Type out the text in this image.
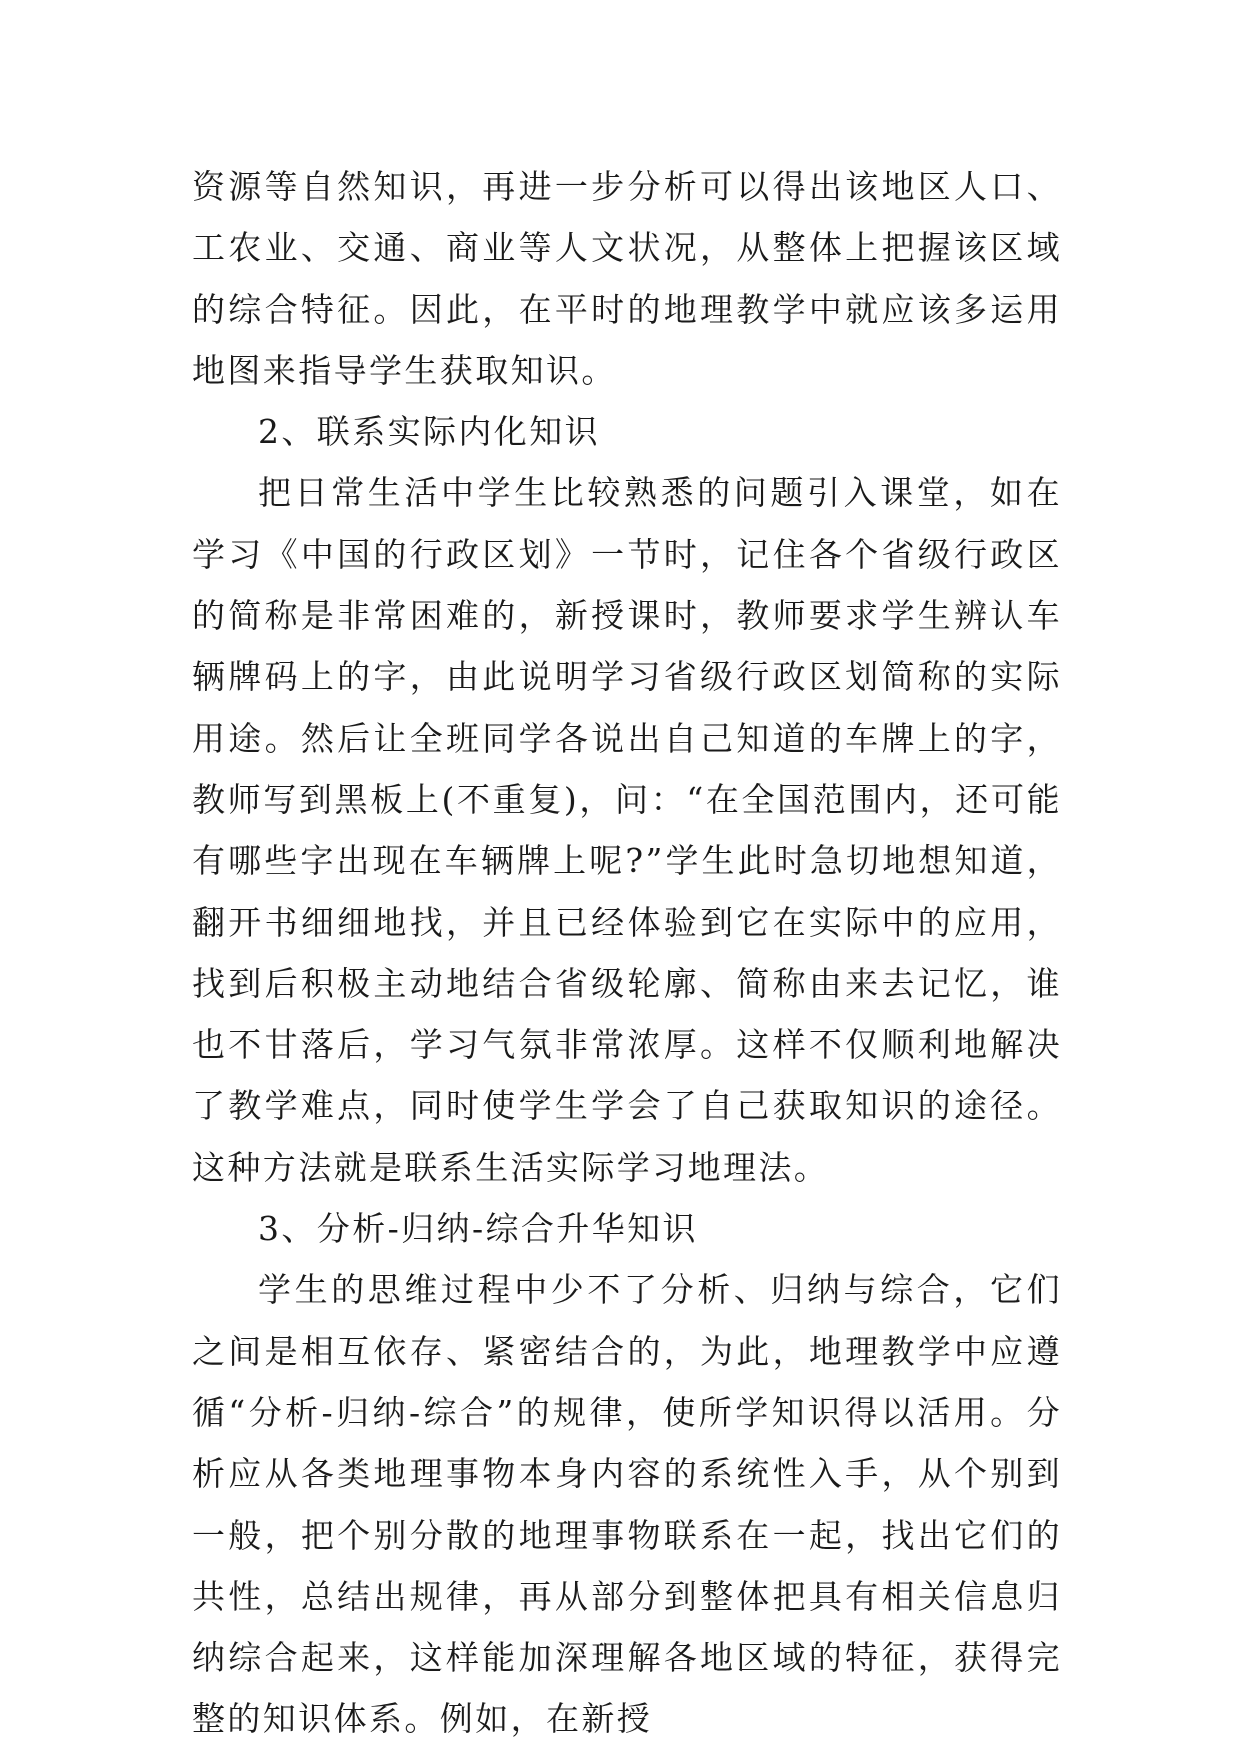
资源等自然知识，再进一步分析可以得出该地区人口、工农业、交通、商业等人文状况，从整体上把握该区域的综合特征。因此，在平时的地理教学中就应该多运用地图来指导学生获取知识。

2、联系实际内化知识

把日常生活中学生比较熟悉的问题引入课堂，如在学习《中国的行政区划》一节时，记住各个省级行政区的简称是非常困难的，新授课时，教师要求学生辨认车辆牌码上的字，由此说明学习省级行政区划简称的实际用途。然后让全班同学各说出自己知道的车牌上的字，教师写到黑板上(不重复)，问：“在全国范围内，还可能有哪些字出现在车辆牌上呢?”学生此时急切地想知道，翻开书细细地找，并且已经体验到它在实际中的应用，找到后积极主动地结合省级轮廓、简称由来去记忆，谁也不甘落后，学习气氛非常浓厚。这样不仅顺利地解决了教学难点，同时使学生学会了自己获取知识的途径。这种方法就是联系生活实际学习地理法。

3、分析-归纳-综合升华知识

学生的思维过程中少不了分析、归纳与综合，它们之间是相互依存、紧密结合的，为此，地理教学中应遵循“分析-归纳-综合”的规律，使所学知识得以活用。分析应从各类地理事物本身内容的系统性入手，从个别到一般，把个别分散的地理事物联系在一起，找出它们的共性，总结出规律，再从部分到整体把具有相关信息归纳综合起来，这样能加深理解各地区域的特征，获得完整的知识体系。例如，在新授
